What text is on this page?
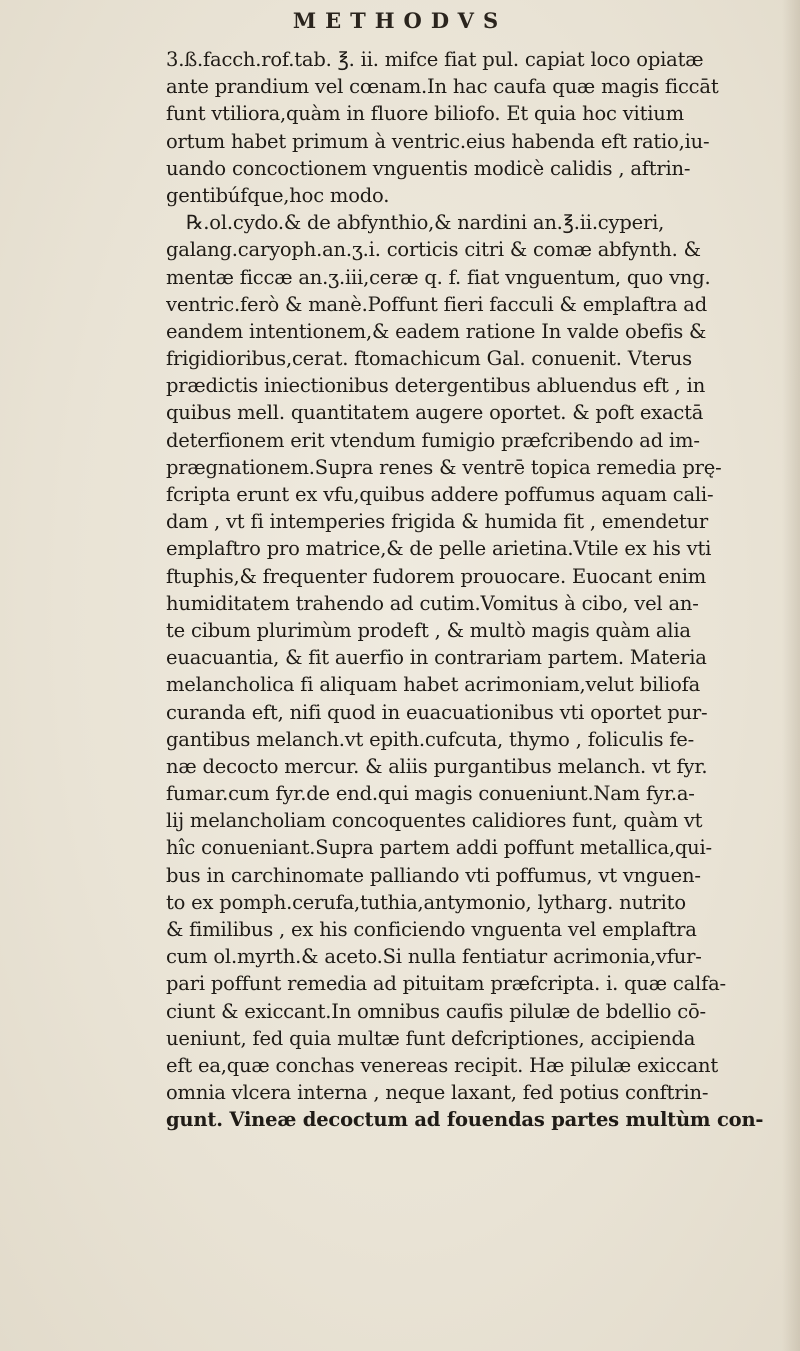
METHODVS
3.ß.facch.rof.tab. ℥. ii. mifce fiat pul. capiat loco opiatæ
ante prandium vel cœnam.In hac caufa quæ magis ficcāt
funt vtiliora,quàm in fluore biliofo. Et quia hoc vitium
ortum habet primum à ventric.eius habenda eft ratio,iu-
uando concoctionem vnguentis modicè calidis , aftrin-
gentibúfque,hoc modo.
℞.ol.cydo.& de abfynthio,& nardini an.℥.ii.cyperi,
galang.caryoph.an.ʒ.i. corticis citri & comæ abfynth. &
mentæ ficcæ an.ʒ.iii,ceræ q. f. fiat vnguentum, quo vng.
ventric.ferò & manè.Poffunt fieri facculi & emplaftra ad
eandem intentionem,& eadem ratione In valde obefis &
frigidioribus,cerat. ftomachicum Gal. conuenit. Vterus
prædictis iniectionibus detergentibus abluendus eft , in
quibus mell. quantitatem augere oportet. & poft exactā
deterfionem erit vtendum fumigio præfcribendo ad im-
prægnationem.Supra renes & ventrē topica remedia prę-
fcripta erunt ex vfu,quibus addere poffumus aquam cali-
dam , vt fi intemperies frigida & humida fit , emendetur
emplaftro pro matrice,& de pelle arietina.Vtile ex his vti
ftuphis,& frequenter fudorem prouocare. Euocant enim
humiditatem trahendo ad cutim.Vomitus à cibo, vel an-
te cibum plurimùm prodeft , & multò magis quàm alia
euacuantia, & fit auerfio in contrariam partem. Materia
melancholica fi aliquam habet acrimoniam,velut biliofa
curanda eft, nifi quod in euacuationibus vti oportet pur-
gantibus melanch.vt epith.cufcuta, thymo , foliculis fe-
næ decocto mercur. & aliis purgantibus melanch. vt fyr.
fumar.cum fyr.de end.qui magis conueniunt.Nam fyr.a-
lij melancholiam concoquentes calidiores funt, quàm vt
hîc conueniant.Supra partem addi poffunt metallica,qui-
bus in carchinomate palliando vti poffumus, vt vnguen-
to ex pomph.cerufa,tuthia,antymonio, lytharg. nutrito
& fimilibus , ex his conficiendo vnguenta vel emplaftra
cum ol.myrth.& aceto.Si nulla fentiatur acrimonia,vfur-
pari poffunt remedia ad pituitam præfcripta. i. quæ calfa-
ciunt & exiccant.In omnibus caufis pilulæ de bdellio cō-
ueniunt, fed quia multæ funt defcriptiones, accipienda
eft ea,quæ conchas venereas recipit. Hæ pilulæ exiccant
omnia vlcera interna , neque laxant, fed potius conftrin-
gunt. Vineæ decoctum ad fouendas partes multùm con-
